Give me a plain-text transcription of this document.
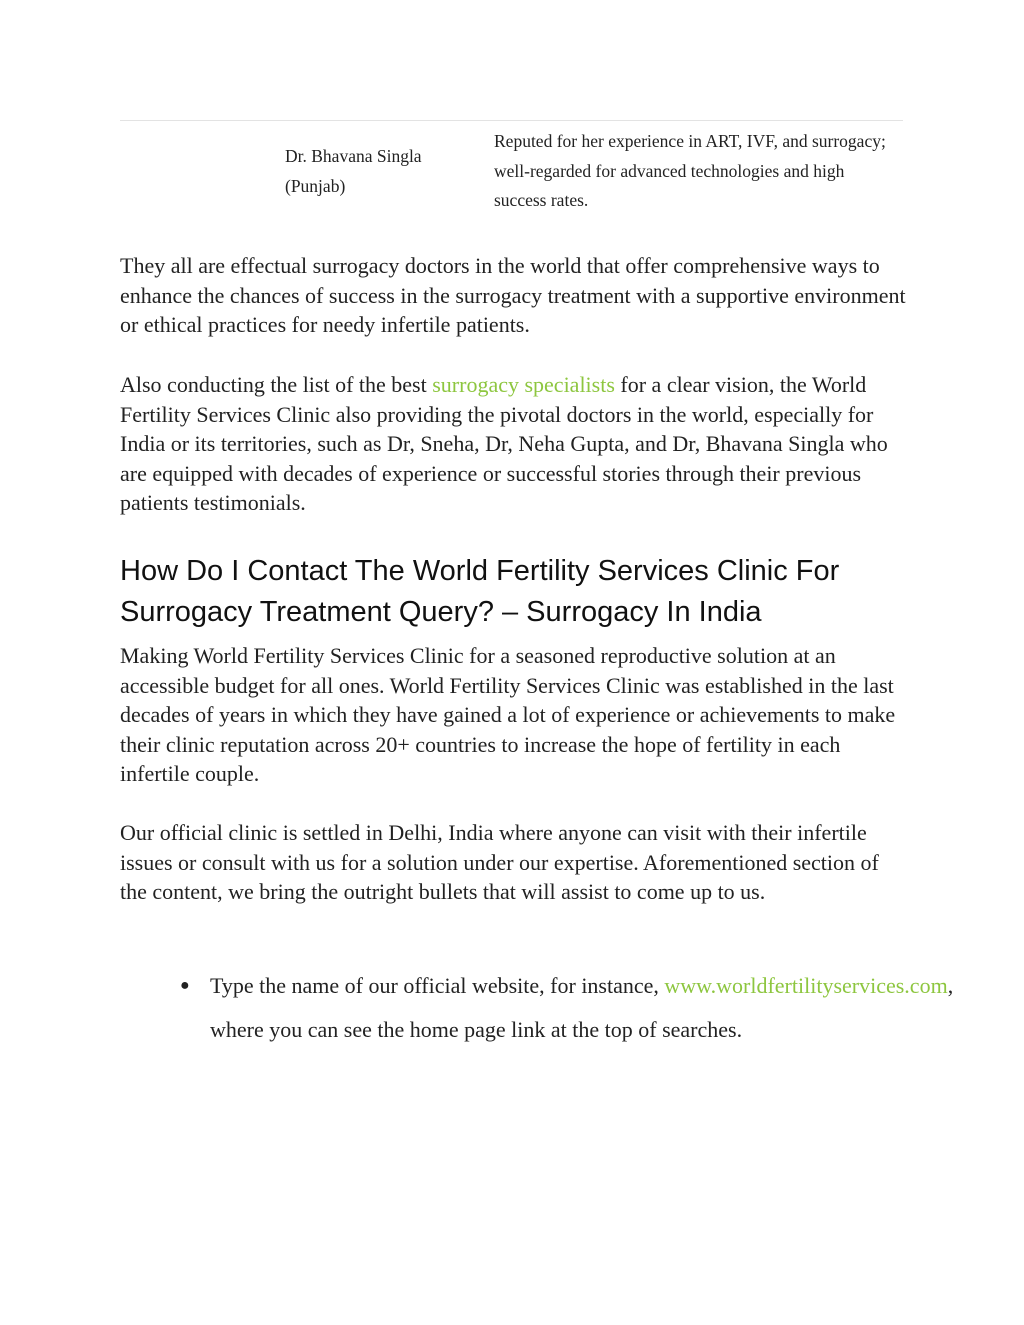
Dr. Bhavana Singla
(Punjab)
Reputed for her experience in ART, IVF, and surrogacy; well-regarded for advanced technologies and high success rates.

They all are effectual surrogacy doctors in the world that offer comprehensive ways to enhance the chances of success in the surrogacy treatment with a supportive environment or ethical practices for needy infertile patients.

Also conducting the list of the best surrogacy specialists for a clear vision, the World Fertility Services Clinic also providing the pivotal doctors in the world, especially for India or its territories, such as Dr, Sneha, Dr, Neha Gupta, and Dr, Bhavana Singla who are equipped with decades of experience or successful stories through their previous patients testimonials.

How Do I Contact The World Fertility Services Clinic For Surrogacy Treatment Query? – Surrogacy In India

Making World Fertility Services Clinic for a seasoned reproductive solution at an accessible budget for all ones. World Fertility Services Clinic was established in the last decades of years in which they have gained a lot of experience or achievements to make their clinic reputation across 20+ countries to increase the hope of fertility in each infertile couple.

Our official clinic is settled in Delhi, India where anyone can visit with their infertile issues or consult with us for a solution under our expertise. Aforementioned section of the content, we bring the outright bullets that will assist to come up to us.

● Type the name of our official website, for instance, www.worldfertilityservices.com, where you can see the home page link at the top of searches.
